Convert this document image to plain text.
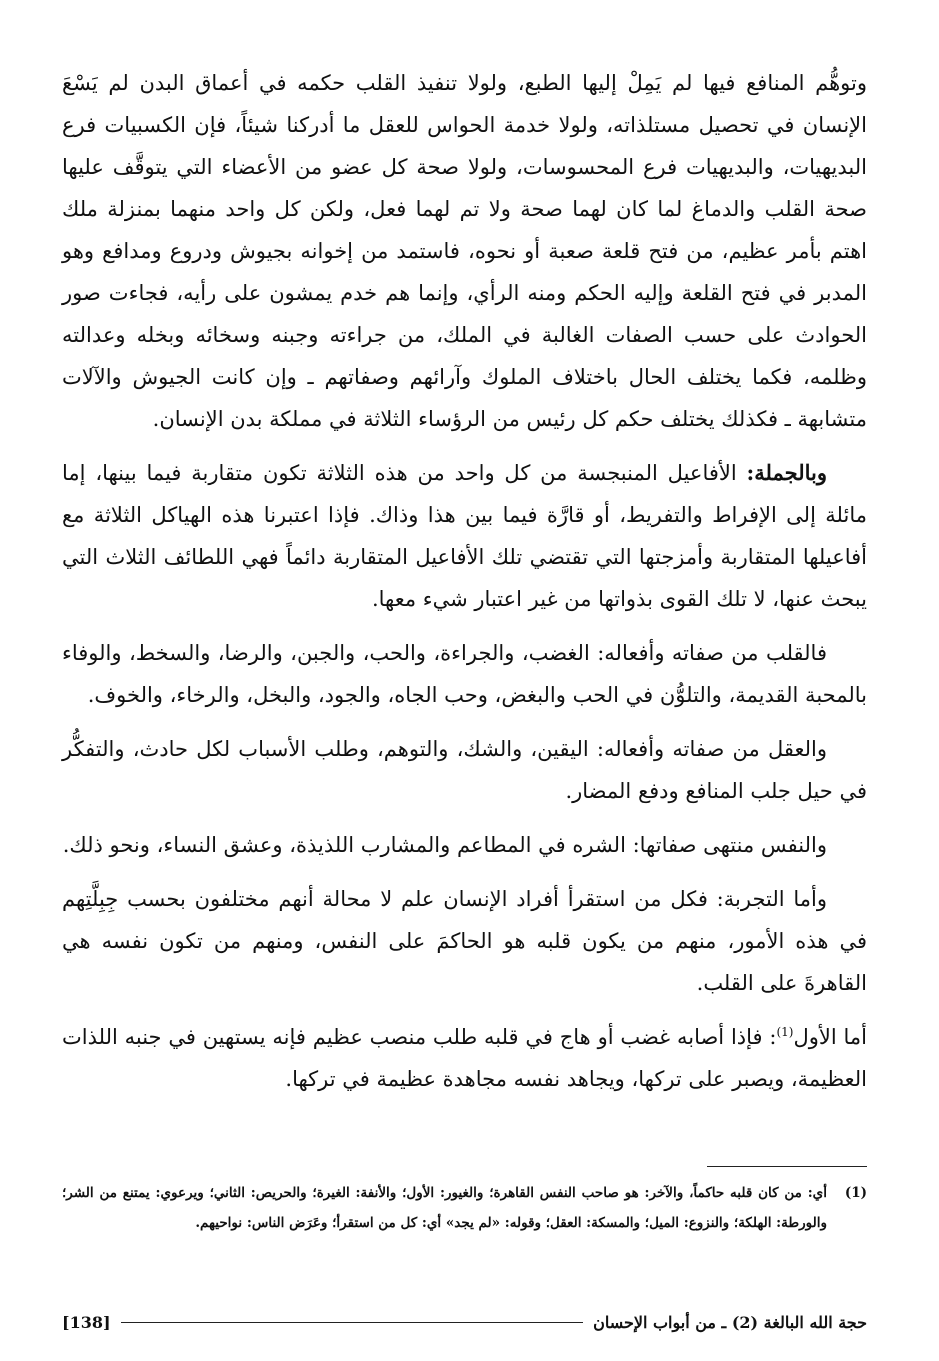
وتوهُّم المنافع فيها لم يَمِلْ إليها الطبع، ولولا تنفيذ القلب حكمه في أعماق البدن لم يَسْعَ الإنسان في تحصيل مستلذاته، ولولا خدمة الحواس للعقل ما أدركنا شيئاً، فإن الكسبيات فرع البديهيات، والبديهيات فرع المحسوسات، ولولا صحة كل عضو من الأعضاء التي يتوقَّف عليها صحة القلب والدماغ لما كان لهما صحة ولا تم لهما فعل، ولكن كل واحد منهما بمنزلة ملك اهتم بأمر عظيم، من فتح قلعة صعبة أو نحوه، فاستمد من إخوانه بجيوش ودروع ومدافع وهو المدبر في فتح القلعة وإليه الحكم ومنه الرأي، وإنما هم خدم يمشون على رأيه، فجاءت صور الحوادث على حسب الصفات الغالبة في الملك، من جراءته وجبنه وسخائه وبخله وعدالته وظلمه، فكما يختلف الحال باختلاف الملوك وآرائهم وصفاتهم ـ وإن كانت الجيوش والآلات متشابهة ـ فكذلك يختلف حكم كل رئيس من الرؤساء الثلاثة في مملكة بدن الإنسان.

وبالجملة: الأفاعيل المنبجسة من كل واحد من هذه الثلاثة تكون متقاربة فيما بينها، إما مائلة إلى الإفراط والتفريط، أو قارَّة فيما بين هذا وذاك. فإذا اعتبرنا هذه الهياكل الثلاثة مع أفاعيلها المتقاربة وأمزجتها التي تقتضي تلك الأفاعيل المتقاربة دائماً فهي اللطائف الثلاث التي يبحث عنها، لا تلك القوى بذواتها من غير اعتبار شيء معها.

فالقلب من صفاته وأفعاله: الغضب، والجراءة، والحب، والجبن، والرضا، والسخط، والوفاء بالمحبة القديمة، والتلوُّن في الحب والبغض، وحب الجاه، والجود، والبخل، والرخاء، والخوف.

والعقل من صفاته وأفعاله: اليقين، والشك، والتوهم، وطلب الأسباب لكل حادث، والتفكُّر في حيل جلب المنافع ودفع المضار.

والنفس منتهى صفاتها: الشره في المطاعم والمشارب اللذيذة، وعشق النساء، ونحو ذلك.

وأما التجربة: فكل من استقرأ أفراد الإنسان علم لا محالة أنهم مختلفون بحسب جِبِلَّتِهم في هذه الأمور، منهم من يكون قلبه هو الحاكمَ على النفس، ومنهم من تكون نفسه هي القاهرةَ على القلب.

أما الأول$^{(1)}$: فإذا أصابه غضب أو هاج في قلبه طلب منصب عظيم فإنه يستهين في جنبه اللذات العظيمة، ويصبر على تركها، ويجاهد نفسه مجاهدة عظيمة في تركها.

(1)
أي: من كان قلبه حاكماً، والآخر: هو صاحب النفس القاهرة؛ والغيور: الأول؛ والأنفة: الغيرة؛ والحريص: الثاني؛ ويرعوي: يمتنع من الشر؛ والورطة: الهلكة؛ والنزوع: الميل؛ والمسكة: العقل؛ وقوله: «لم يجد» أي: كل من استقرأ؛ وعَرَض الناس: نواحيهم.
حجة الله البالغة (2) ـ من أبواب الإحسان
[138]
